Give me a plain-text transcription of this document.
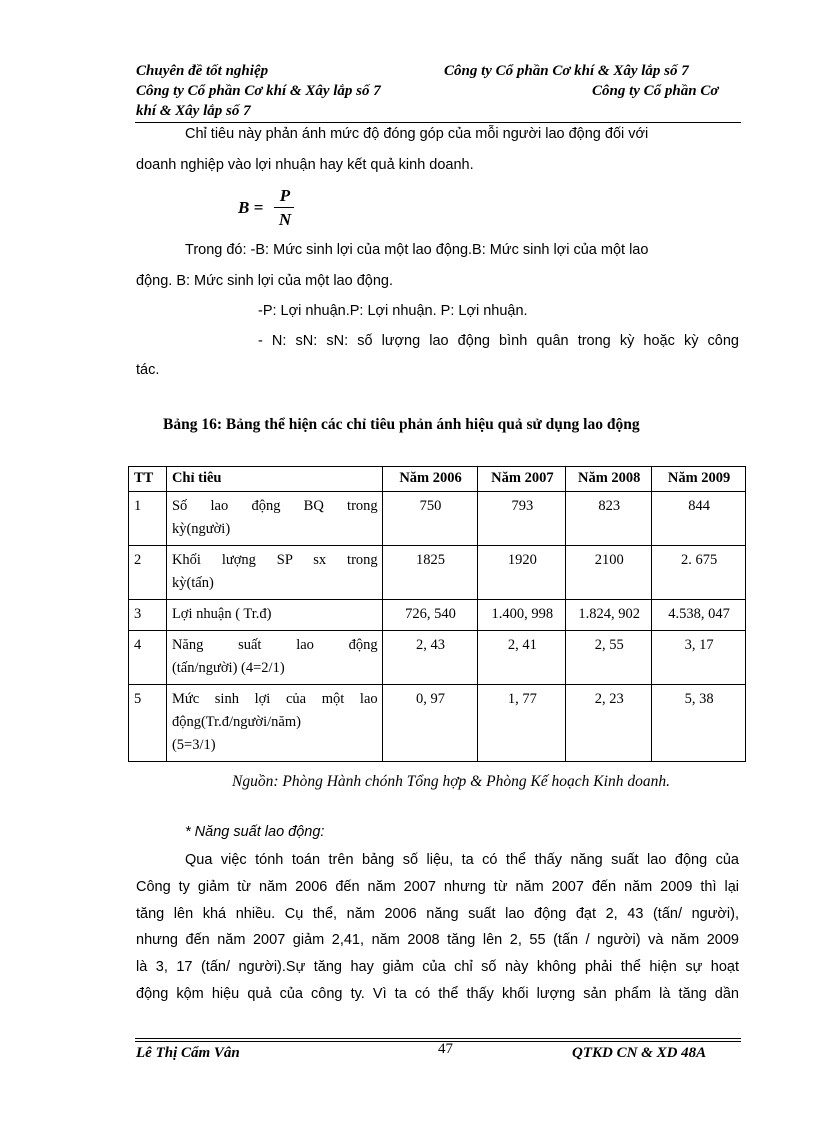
Chuyên đề tốt nghiệp	Công ty Cổ phần Cơ khí & Xây lắp số 7
Công ty Cổ phần Cơ khí & Xây lắp số 7	Công ty Cổ phần Cơ
khí & Xây lắp số 7
Chỉ tiêu này phản ánh mức độ đóng góp của mỗi người lao động đối với
doanh nghiệp vào lợi nhuận hay kết quả kinh doanh.
B =
P
N
Trong đó: -B: Mức sinh lợi của một lao động.B: Mức sinh lợi của một lao
động. B: Mức sinh lợi của một lao động.
-P: Lợi nhuận.P: Lợi nhuận. P: Lợi nhuận.
- N: sN: sN: số lượng lao động bình quân trong kỳ hoặc kỳ công
tác.
Bảng 16: Bảng thể hiện các chỉ tiêu phản ánh hiệu quả sử dụng lao động
TT	Chỉ tiêu	Năm 2006	Năm 2007	Năm 2008	Năm 2009
1	Số lao động BQ trong
kỳ(người)	750	793	823	844
2	Khối lượng SP sx trong
kỳ(tấn)	1825	1920	2100	2. 675
3	Lợi nhuận ( Tr.đ)	726, 540	1.400, 998	1.824, 902	4.538, 047
4	Năng suất lao động
(tấn/người) (4=2/1)	2, 43	2, 41	2, 55	3, 17
5	Mức sinh lợi của một lao
động(Tr.đ/người/năm)
(5=3/1)	0, 97	1, 77	2, 23	5, 38
Nguồn: Phòng Hành chónh Tổng hợp & Phòng Kế hoạch Kinh doanh.
* Năng suất lao động:
Qua việc tónh toán trên bảng số liệu, ta có thể thấy năng suất lao động của
Công ty giảm từ năm 2006 đến năm 2007 nhưng từ năm 2007 đến năm 2009 thì lại
tăng lên khá nhiều. Cụ thể, năm 2006 năng suất lao động đạt 2, 43 (tấn/ người),
nhưng đến năm 2007 giảm 2,41, năm 2008 tăng lên 2, 55 (tấn / người) và năm 2009
là 3, 17 (tấn/ người).Sự tăng hay giảm của chỉ số này không phải thể hiện sự hoạt
động kộm hiệu quả của công ty. Vì ta có thể thấy khối lượng sản phẩm là tăng dần
Lê Thị Cẩm Vân	47	QTKD CN & XD 48A
